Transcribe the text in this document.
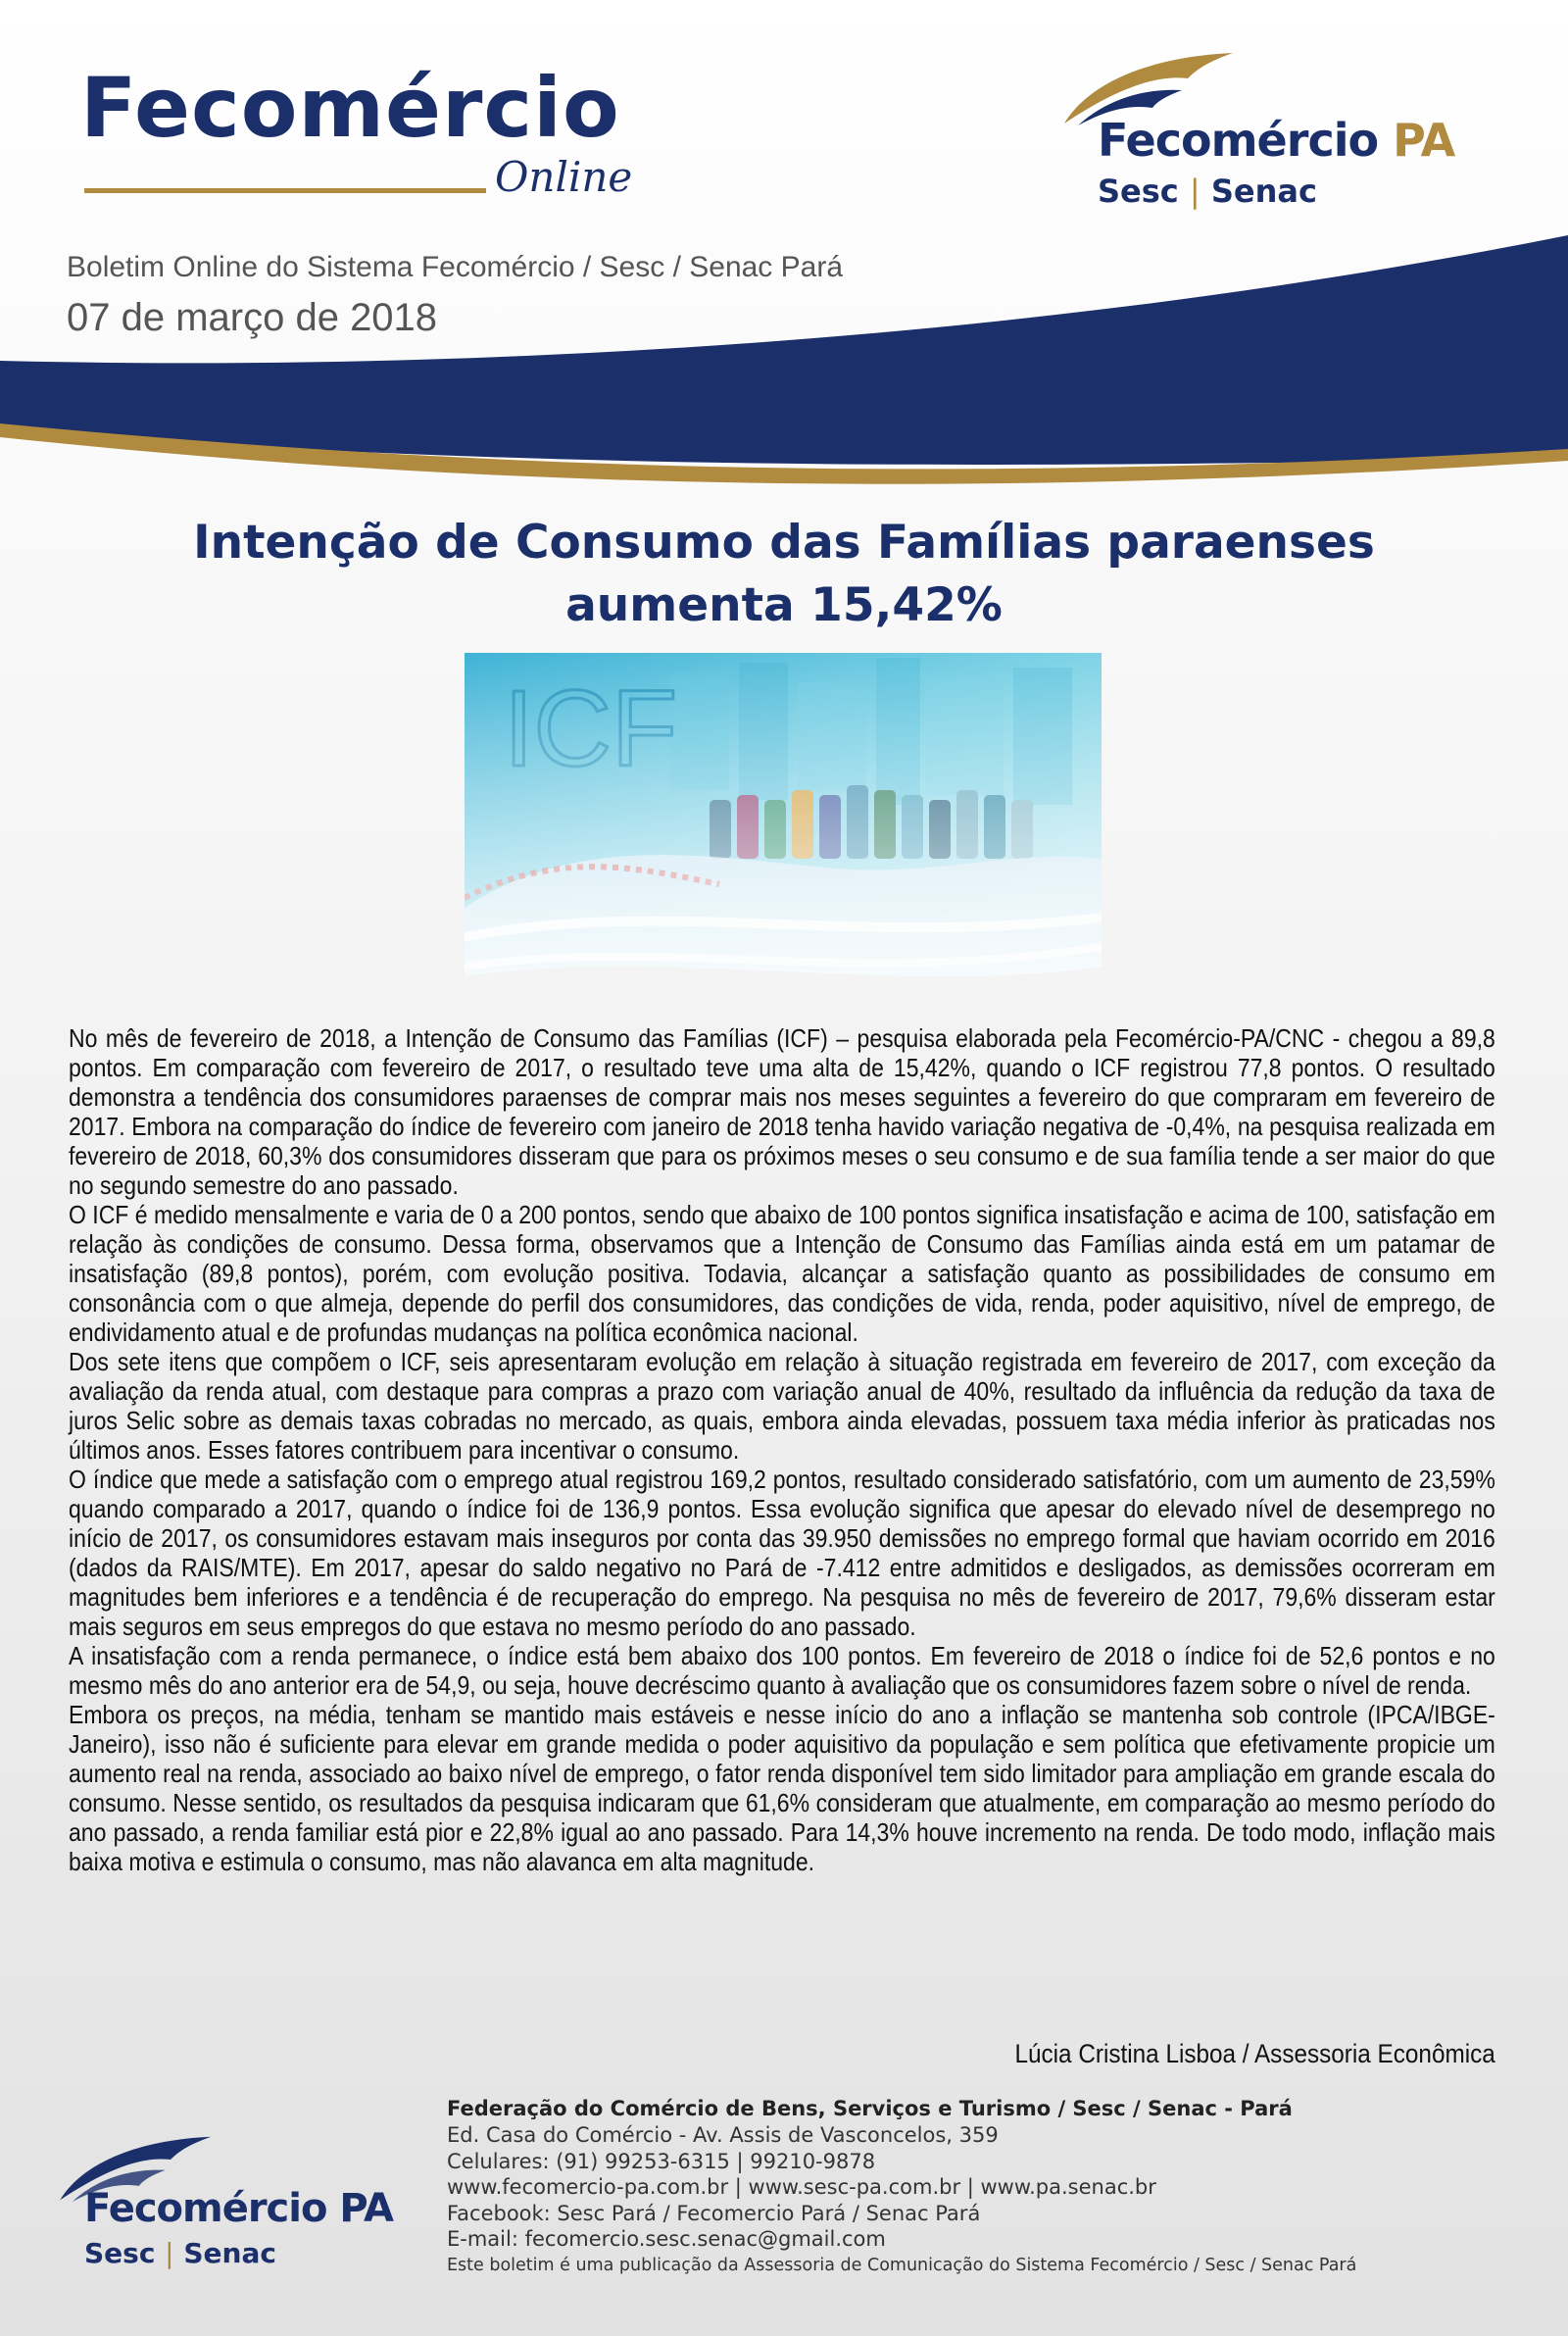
Fecomércio
Online
Boletim Online do Sistema Fecomércio / Sesc / Senac Pará
07 de março de 2018
Fecomércio PA
Sesc | Senac
Intenção de Consumo das Famílias paraenses aumenta 15,42%

No mês de fevereiro de 2018, a Intenção de Consumo das Famílias (ICF) – pesquisa elaborada pela Fecomércio-PA/CNC - chegou a 89,8 pontos. Em comparação com fevereiro de 2017, o resultado teve uma alta de 15,42%, quando o ICF registrou 77,8 pontos. O resultado demonstra a tendência dos consumidores paraenses de comprar mais nos meses seguintes a fevereiro do que compraram em fevereiro de 2017. Embora na comparação do índice de fevereiro com janeiro de 2018 tenha havido variação negativa de -0,4%, na pesquisa realizada em fevereiro de 2018, 60,3% dos consumidores disseram que para os próximos meses o seu consumo e de sua família tende a ser maior do que no segundo semestre do ano passado.

O ICF é medido mensalmente e varia de 0 a 200 pontos, sendo que abaixo de 100 pontos significa insatisfação e acima de 100, satisfação em relação às condições de consumo. Dessa forma, observamos que a Intenção de Consumo das Famílias ainda está em um patamar de insatisfação (89,8 pontos), porém, com evolução positiva. Todavia, alcançar a satisfação quanto as possibilidades de consumo em consonância com o que almeja, depende do perfil dos consumidores, das condições de vida, renda, poder aquisitivo, nível de emprego, de endividamento atual e de profundas mudanças na política econômica nacional.

Dos sete itens que compõem o ICF, seis apresentaram evolução em relação à situação registrada em fevereiro de 2017, com exceção da avaliação da renda atual, com destaque para compras a prazo com variação anual de 40%, resultado da influência da redução da taxa de juros Selic sobre as demais taxas cobradas no mercado, as quais, embora ainda elevadas, possuem taxa média inferior às praticadas nos últimos anos. Esses fatores contribuem para incentivar o consumo.

O índice que mede a satisfação com o emprego atual registrou 169,2 pontos, resultado considerado satisfatório, com um aumento de 23,59% quando comparado a 2017, quando o índice foi de 136,9 pontos. Essa evolução significa que apesar do elevado nível de desemprego no início de 2017, os consumidores estavam mais inseguros por conta das 39.950 demissões no emprego formal que haviam ocorrido em 2016 (dados da RAIS/MTE). Em 2017, apesar do saldo negativo no Pará de -7.412 entre admitidos e desligados, as demissões ocorreram em magnitudes bem inferiores e a tendência é de recuperação do emprego. Na pesquisa no mês de fevereiro de 2017, 79,6% disseram estar mais seguros em seus empregos do que estava no mesmo período do ano passado.

A insatisfação com a renda permanece, o índice está bem abaixo dos 100 pontos. Em fevereiro de 2018 o índice foi de 52,6 pontos e no mesmo mês do ano anterior era de 54,9, ou seja, houve decréscimo quanto à avaliação que os consumidores fazem sobre o nível de renda.

Embora os preços, na média, tenham se mantido mais estáveis e nesse início do ano a inflação se mantenha sob controle (IPCA/IBGE-Janeiro), isso não é suficiente para elevar em grande medida o poder aquisitivo da população e sem política que efetivamente propicie um aumento real na renda, associado ao baixo nível de emprego, o fator renda disponível tem sido limitador para ampliação em grande escala do consumo. Nesse sentido, os resultados da pesquisa indicaram que 61,6% consideram que atualmente, em comparação ao mesmo período do ano passado, a renda familiar está pior e 22,8% igual ao ano passado. Para 14,3% houve incremento na renda. De todo modo, inflação mais baixa motiva e estimula o consumo, mas não alavanca em alta magnitude.

Lúcia Cristina Lisboa / Assessoria Econômica
Fecomércio PA
Sesc | Senac
Federação do Comércio de Bens, Serviços e Turismo / Sesc / Senac - Pará
Ed. Casa do Comércio - Av. Assis de Vasconcelos, 359
Celulares: (91) 99253-6315 | 99210-9878
www.fecomercio-pa.com.br | www.sesc-pa.com.br | www.pa.senac.br
Facebook: Sesc Pará / Fecomercio Pará / Senac Pará
E-mail: fecomercio.sesc.senac@gmail.com
Este boletim é uma publicação da Assessoria de Comunicação do Sistema Fecomércio / Sesc / Senac Pará
